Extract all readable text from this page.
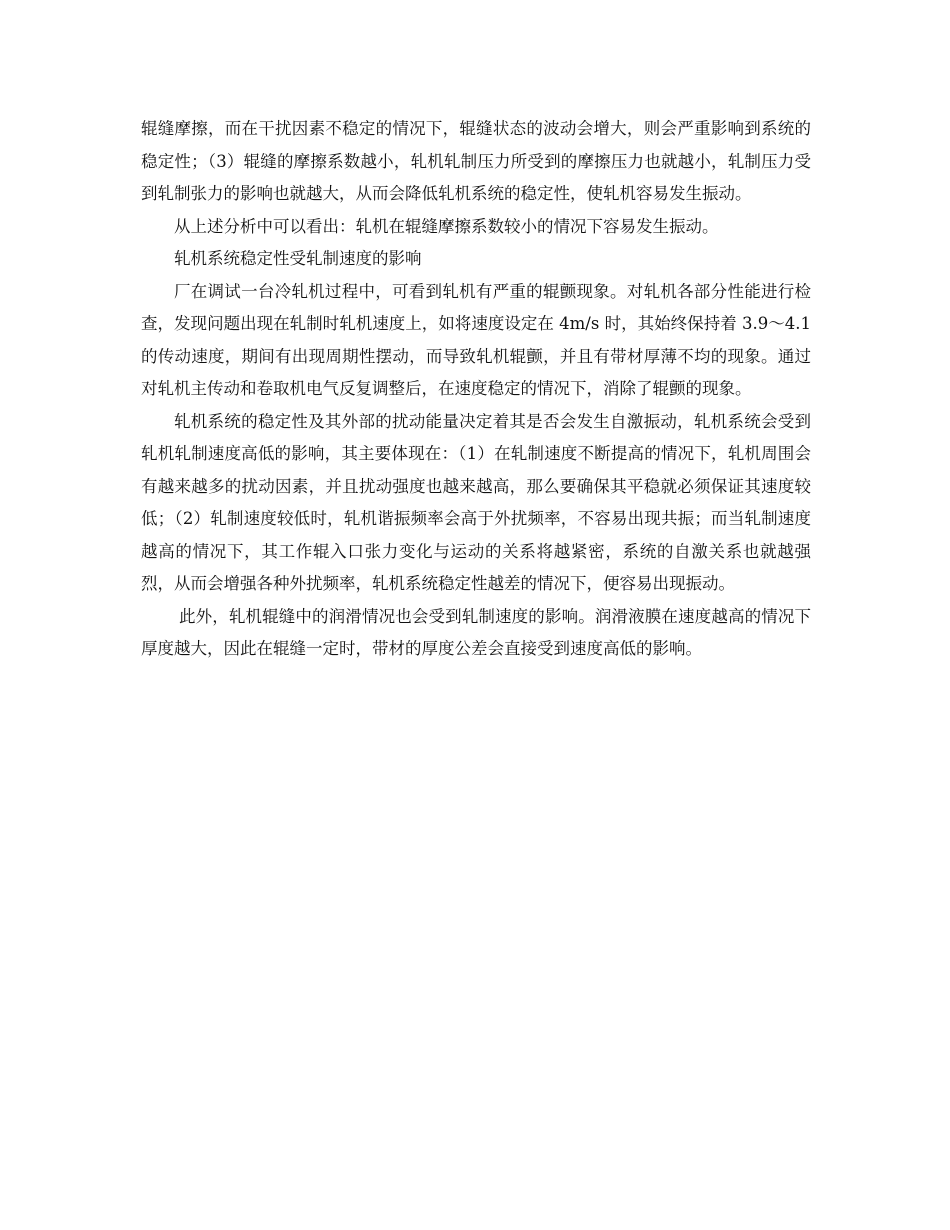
辊缝摩擦，而在干扰因素不稳定的情况下，辊缝状态的波动会增大，则会严重影响到系统的稳定性；（3）辊缝的摩擦系数越小，轧机轧制压力所受到的摩擦压力也就越小，轧制压力受到轧制张力的影响也就越大，从而会降低轧机系统的稳定性，使轧机容易发生振动。

从上述分析中可以看出：轧机在辊缝摩擦系数较小的情况下容易发生振动。

轧机系统稳定性受轧制速度的影响

厂在调试一台冷轧机过程中，可看到轧机有严重的辊颤现象。对轧机各部分性能进行检查，发现问题出现在轧制时轧机速度上，如将速度设定在 4m/s 时，其始终保持着 3.9～4.1 的传动速度，期间有出现周期性摆动，而导致轧机辊颤，并且有带材厚薄不均的现象。通过对轧机主传动和卷取机电气反复调整后，在速度稳定的情况下，消除了辊颤的现象。

轧机系统的稳定性及其外部的扰动能量决定着其是否会发生自激振动，轧机系统会受到轧机轧制速度高低的影响，其主要体现在：（1）在轧制速度不断提高的情况下，轧机周围会有越来越多的扰动因素，并且扰动强度也越来越高，那么要确保其平稳就必须保证其速度较低；（2）轧制速度较低时，轧机谐振频率会高于外扰频率，不容易出现共振；而当轧制速度越高的情况下，其工作辊入口张力变化与运动的关系将越紧密，系统的自激关系也就越强烈，从而会增强各种外扰频率，轧机系统稳定性越差的情况下，便容易出现振动。

此外，轧机辊缝中的润滑情况也会受到轧制速度的影响。润滑液膜在速度越高的情况下厚度越大，因此在辊缝一定时，带材的厚度公差会直接受到速度高低的影响。
